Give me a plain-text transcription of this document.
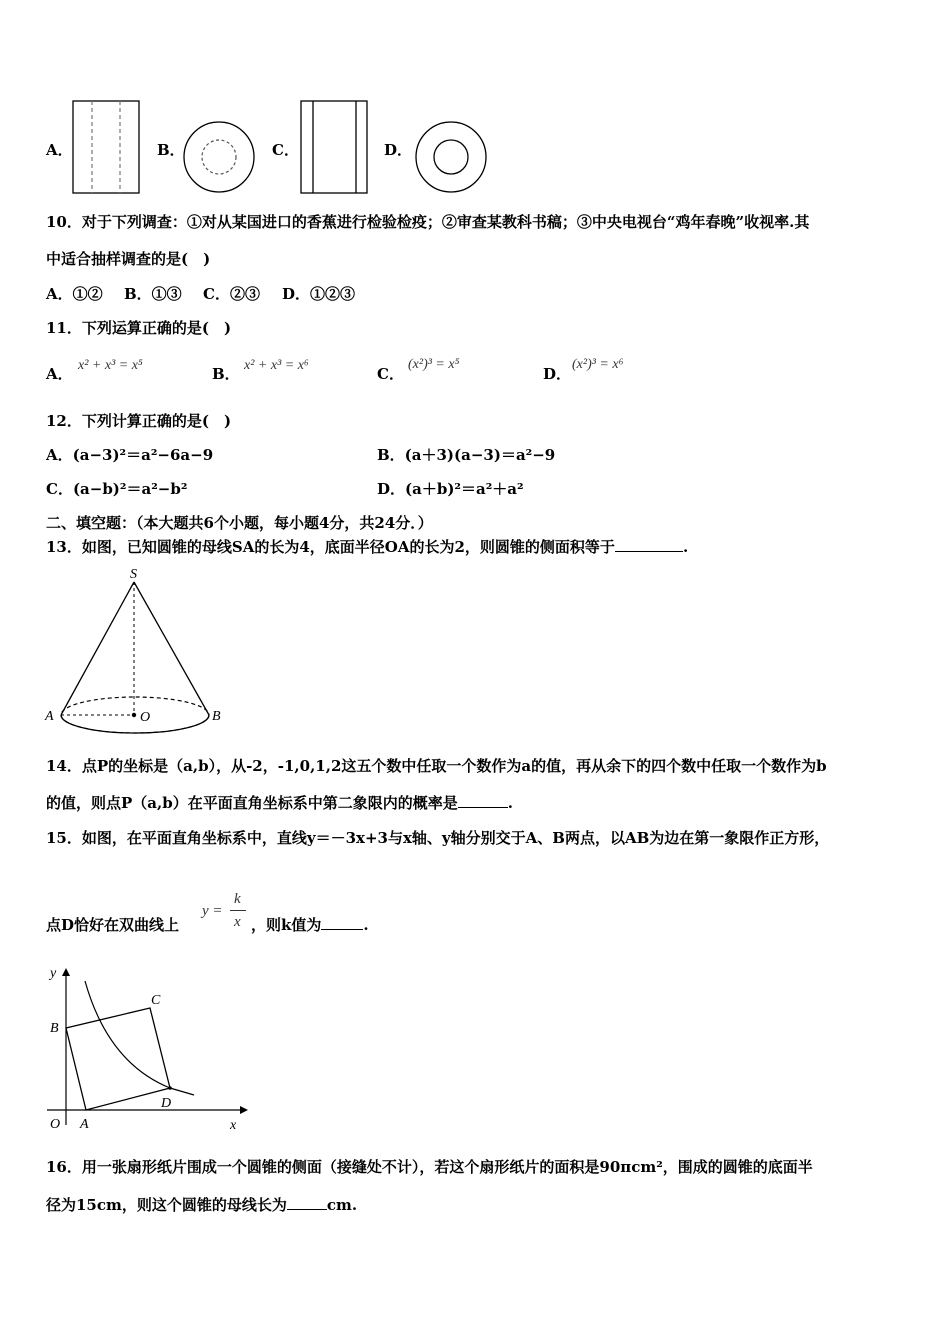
A．	B．	C．	D．
10．对于下列调查：①对从某国进口的香蕉进行检验检疫；②审查某教科书稿；③中央电视台“鸡年春晚”收视率.其
中适合抽样调查的是(　)
A．①② B．①③ C．②③ D．①②③
11．下列运算正确的是(　)
A． x² + x³ = x⁵	B． x² + x³ = x⁶	C．
(x²)³ = x⁵
D．
(x²)³ = x⁶
12．下列计算正确的是(　)
A．(a−3)²＝a²−6a−9	B．(a＋3)(a−3)＝a²−9
C．(a−b)²＝a²−b²	D．(a＋b)²＝a²＋a²
二、填空题：（本大题共6个小题，每小题4分，共24分．）
13．如图，已知圆锥的母线SA的长为4，底面半径OA的长为2，则圆锥的侧面积等于	.
S
A	O	B
14．点P的坐标是（a,b），从-2，-1,0,1,2这五个数中任取一个数作为a的值，再从余下的四个数中任取一个数作为b
的值，则点P（a,b）在平面直角坐标系中第二象限内的概率是	.
15．如图，在平面直角坐标系中，直线y＝－3x+3与x轴、y轴分别交于A、B两点，以AB为边在第一象限作正方形，
点D恰好在双曲线上
y =
k
x ，则k值为	.
y
x
O A
B
C
D
16．用一张扇形纸片围成一个圆锥的侧面（接缝处不计），若这个扇形纸片的面积是90πcm²，围成的圆锥的底面半
径为15cm，则这个圆锥的母线长为	cm.
